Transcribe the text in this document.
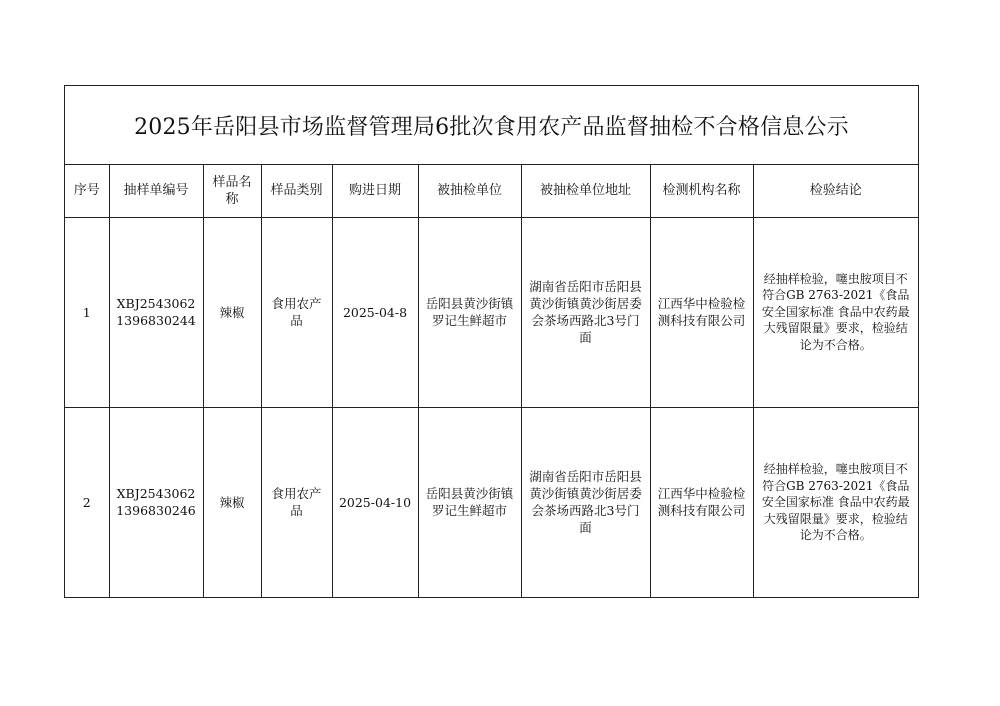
2025年岳阳县市场监督管理局6批次食用农产品监督抽检不合格信息公示
序号	抽样单编号	样品名称	样品类别	购进日期	被抽检单位	被抽检单位地址	检测机构名称	检验结论
1	XBJ25430621396830244	辣椒	食用农产品	2025-04-8	岳阳县黄沙街镇罗记生鲜超市	湖南省岳阳市岳阳县黄沙街镇黄沙街居委会茶场西路北3号门面	江西华中检验检测科技有限公司	经抽样检验，噻虫胺项目不符合GB 2763-2021《食品安全国家标准 食品中农药最大残留限量》要求，检验结论为不合格。
2	XBJ25430621396830246	辣椒	食用农产品	2025-04-10	岳阳县黄沙街镇罗记生鲜超市	湖南省岳阳市岳阳县黄沙街镇黄沙街居委会茶场西路北3号门面	江西华中检验检测科技有限公司	经抽样检验，噻虫胺项目不符合GB 2763-2021《食品安全国家标准 食品中农药最大残留限量》要求，检验结论为不合格。
